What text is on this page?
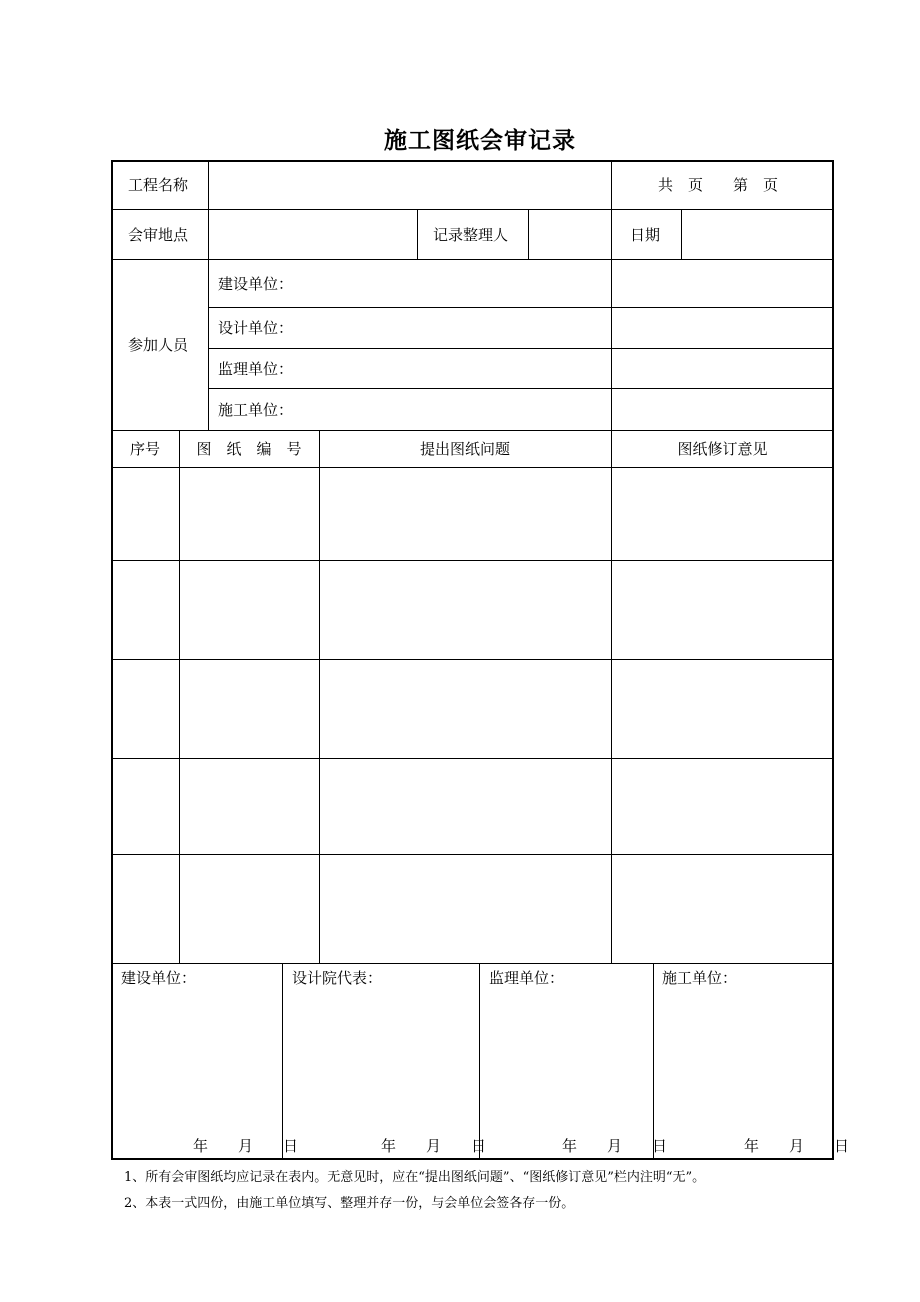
施工图纸会审记录
工程名称	共　页　　第　页
会审地点	记录整理人	日期
参加人员
建设单位：
设计单位：
监理单位：
施工单位：
序号	图　纸　编　号	提出图纸问题	图纸修订意见
建设单位：	设计院代表：	监理单位：	施工单位：
年　　月　　日	年　　月　　日	年　　月　　日	年　　月　　日
1、所有会审图纸均应记录在表内。无意见时，应在“提出图纸问题”、“图纸修订意见”栏内注明“无”。
2、本表一式四份，由施工单位填写、整理并存一份，与会单位会签各存一份。
